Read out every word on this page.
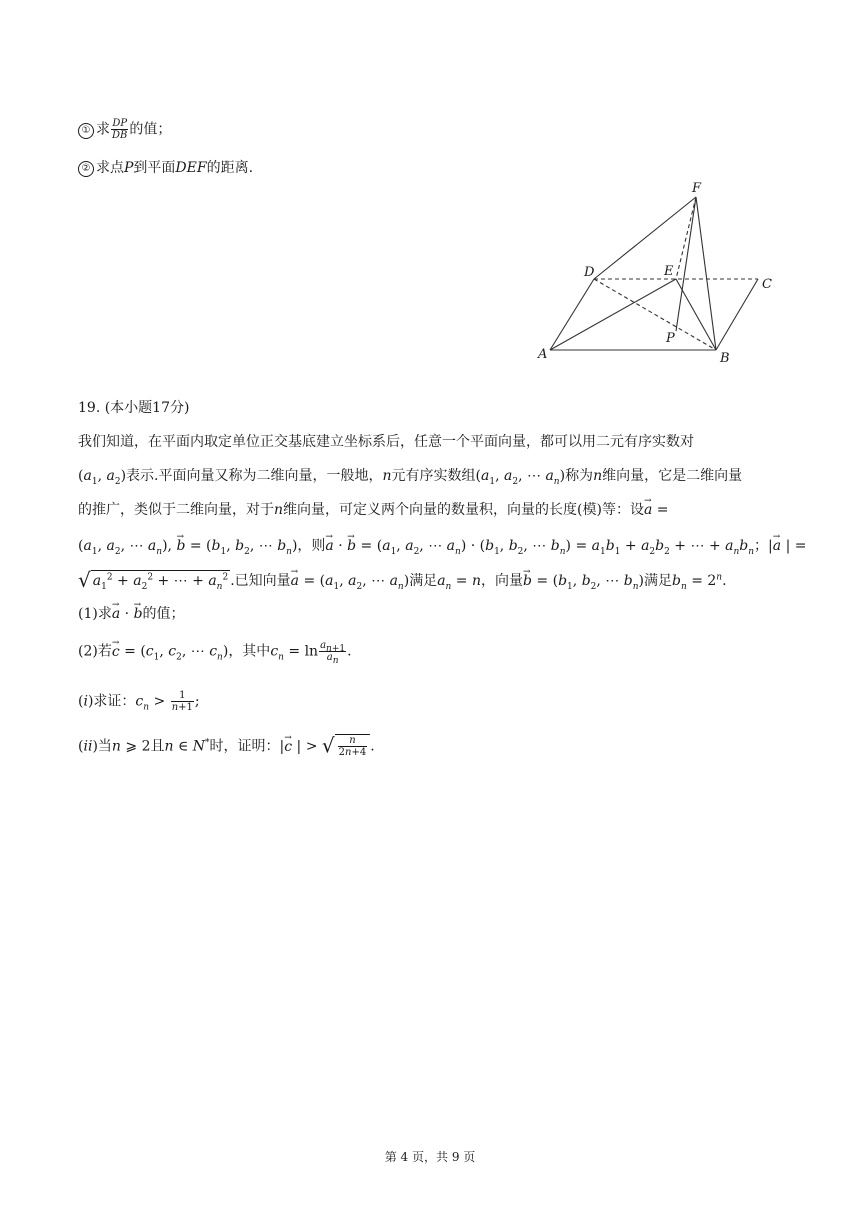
① 求 $\frac{DP}{DB}$ 的值；
② 求点P到平面DEF的距离.
A	B
C
D	E
F
P
19. (本小题17分)
我们知道，在平面内取定单位正交基底建立坐标系后，任意一个平面向量，都可以用二元有序实数对
($a_1$, $a_2$)表示.平面向量又称为二维向量，一般地，n元有序实数组($a_1$, $a_2$, ⋯ $a_n$)称为n维向量，它是二维向量
的推广，类似于二维向量，对于n维向量，可定义两个向量的数量积，向量的长度(模)等：设→ a =
($a_1$, $a_2$, ⋯ $a_n$), → $b = (b_1$, $b_2$, ⋯ $b_n$)，则→ a · → $b = (a_1$, $a_2$, ⋯ $a_n) \cdot (b_1$, $b_2$, ⋯ $b_n) = a_1b_1 + a_2b_2$ + ⋯ + $a_nb_n$；|→ a | =
√ $a_1^2 + a_2^2$ + ⋯ + $a_n^2$ .已知向量→ $a = (a_1$, $a_2$, ⋯ $a_n$)满足$a_n = n$，向量→ $b = (b_1$, $b_2$, ⋯ $b_n$)满足$b_n = 2^n$.
(1)求→ a · → b的值；
(2)若→ $c = (c_1$, $c_2$, ⋯ $c_n$)，其中$c_n = \ln \frac{a_{n+1}}{a_n}$ .
(i)求证：$c_n > \frac{1}{n+1}$ ;
(ii)当n ⩾ 2且n ∈ N*时，证明：|→ c | > √ $\frac{n}{2n+4}$ .
第 4 页，共 9 页
